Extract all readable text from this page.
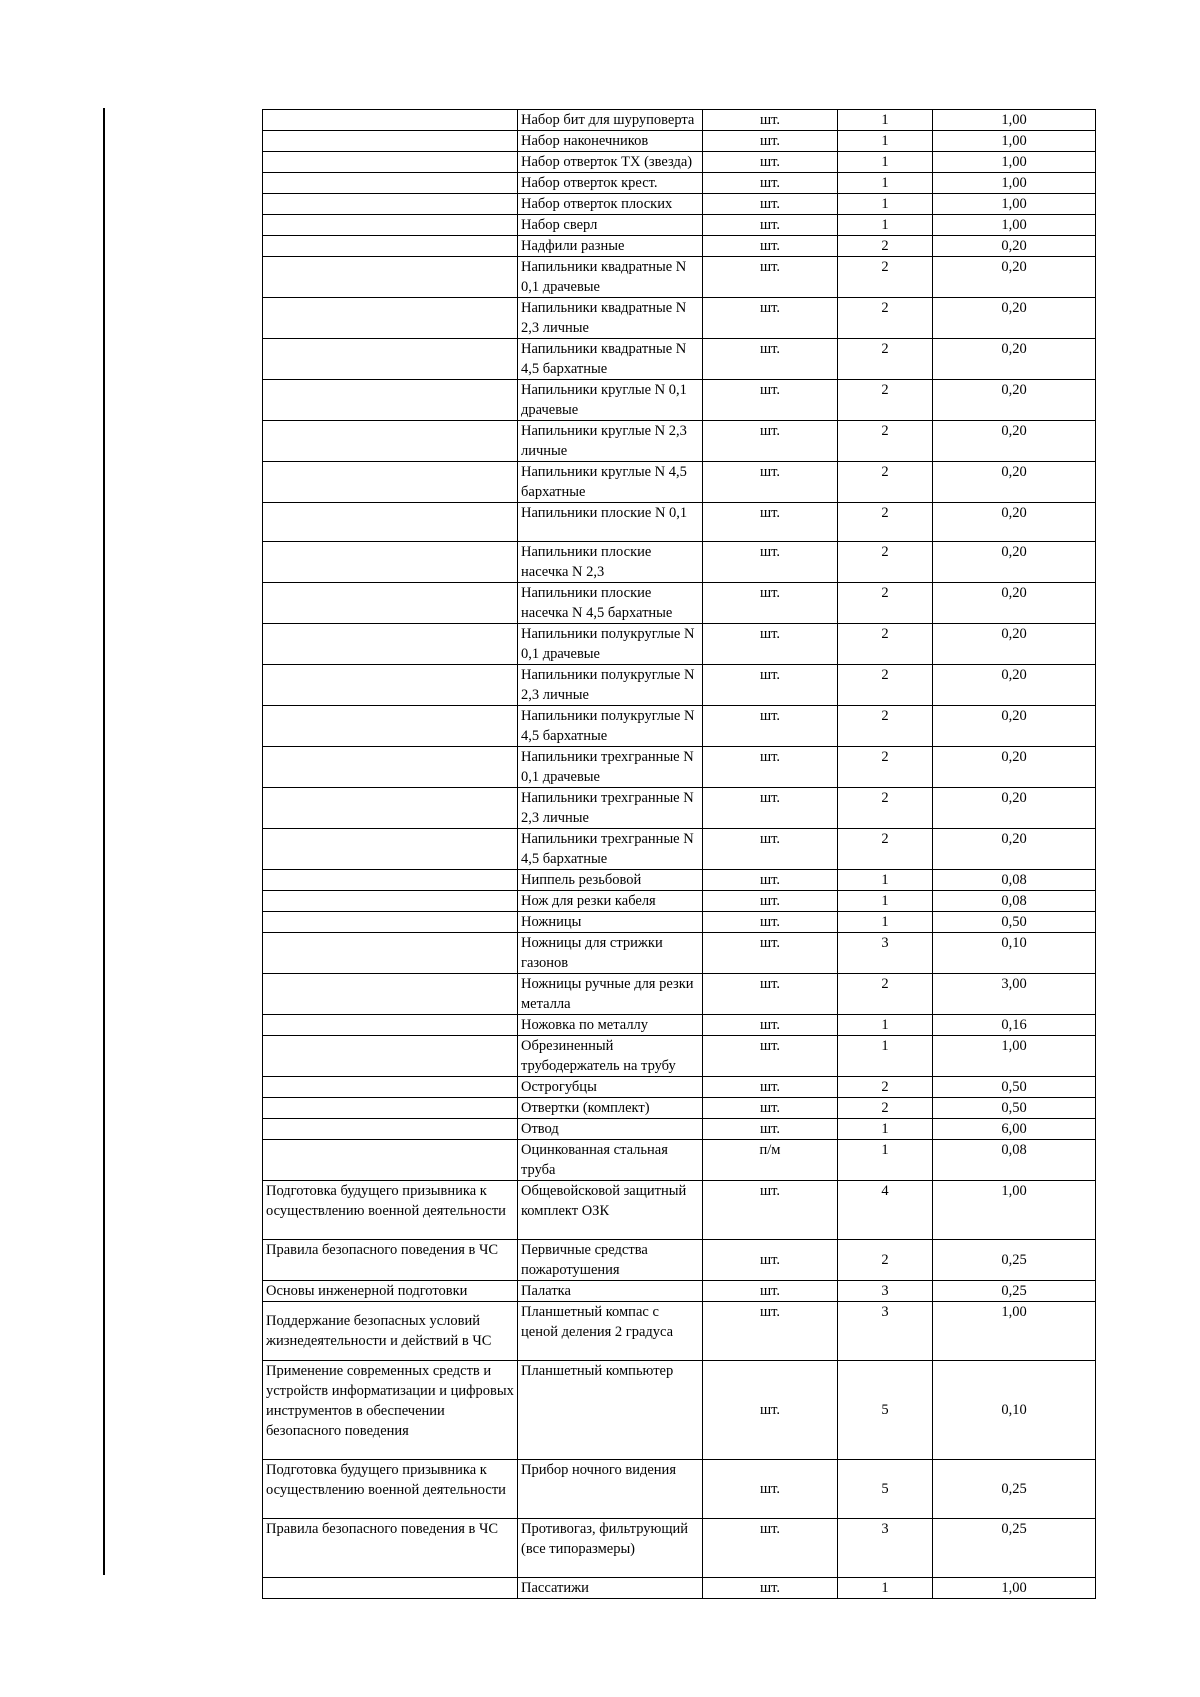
	Набор бит для шуруповерта	шт.	1	1,00
	Набор наконечников	шт.	1	1,00
	Набор отверток ТХ (звезда)	шт.	1	1,00
	Набор отверток крест.	шт.	1	1,00
	Набор отверток плоских	шт.	1	1,00
	Набор сверл	шт.	1	1,00
	Надфили разные	шт.	2	0,20
	Напильники квадратные N 0,1 драчевые	шт.	2	0,20
	Напильники квадратные N 2,3 личные	шт.	2	0,20
	Напильники квадратные N 4,5 бархатные	шт.	2	0,20
	Напильники круглые N 0,1 драчевые	шт.	2	0,20
	Напильники круглые N 2,3 личные	шт.	2	0,20
	Напильники круглые N 4,5 бархатные	шт.	2	0,20
	Напильники плоские N 0,1	шт.	2	0,20
	Напильники плоские насечка N 2,3	шт.	2	0,20
	Напильники плоские насечка N 4,5 бархатные	шт.	2	0,20
	Напильники полукруглые N 0,1 драчевые	шт.	2	0,20
	Напильники полукруглые N 2,3 личные	шт.	2	0,20
	Напильники полукруглые N 4,5 бархатные	шт.	2	0,20
	Напильники трехгранные N 0,1 драчевые	шт.	2	0,20
	Напильники трехгранные N 2,3 личные	шт.	2	0,20
	Напильники трехгранные N 4,5 бархатные	шт.	2	0,20
	Ниппель резьбовой	шт.	1	0,08
	Нож для резки кабеля	шт.	1	0,08
	Ножницы	шт.	1	0,50
	Ножницы для стрижки газонов	шт.	3	0,10
	Ножницы ручные для резки металла	шт.	2	3,00
	Ножовка по металлу	шт.	1	0,16
	Обрезиненный трубодержатель на трубу	шт.	1	1,00
	Острогубцы	шт.	2	0,50
	Отвертки (комплект)	шт.	2	0,50
	Отвод	шт.	1	6,00
	Оцинкованная стальная труба	п/м	1	0,08
Подготовка будущего призывника к осуществлению военной деятельности	Общевойсковой защитный комплект ОЗК	шт.	4	1,00
Правила безопасного поведения в ЧС	Первичные средства пожаротушения	шт.	2	0,25
Основы инженерной подготовки	Палатка	шт.	3	0,25
Поддержание безопасных условий жизнедеятельности и действий в ЧС	Планшетный компас с ценой деления 2 градуса	шт.	3	1,00
Применение современных средств и устройств информатизации и цифровых инструментов в обеспечении безопасного поведения	Планшетный компьютер	шт.	5	0,10
Подготовка будущего призывника к осуществлению военной деятельности	Прибор ночного видения	шт.	5	0,25
Правила безопасного поведения в ЧС	Противогаз, фильтрующий (все типоразмеры)	шт.	3	0,25
	Пассатижи	шт.	1	1,00
